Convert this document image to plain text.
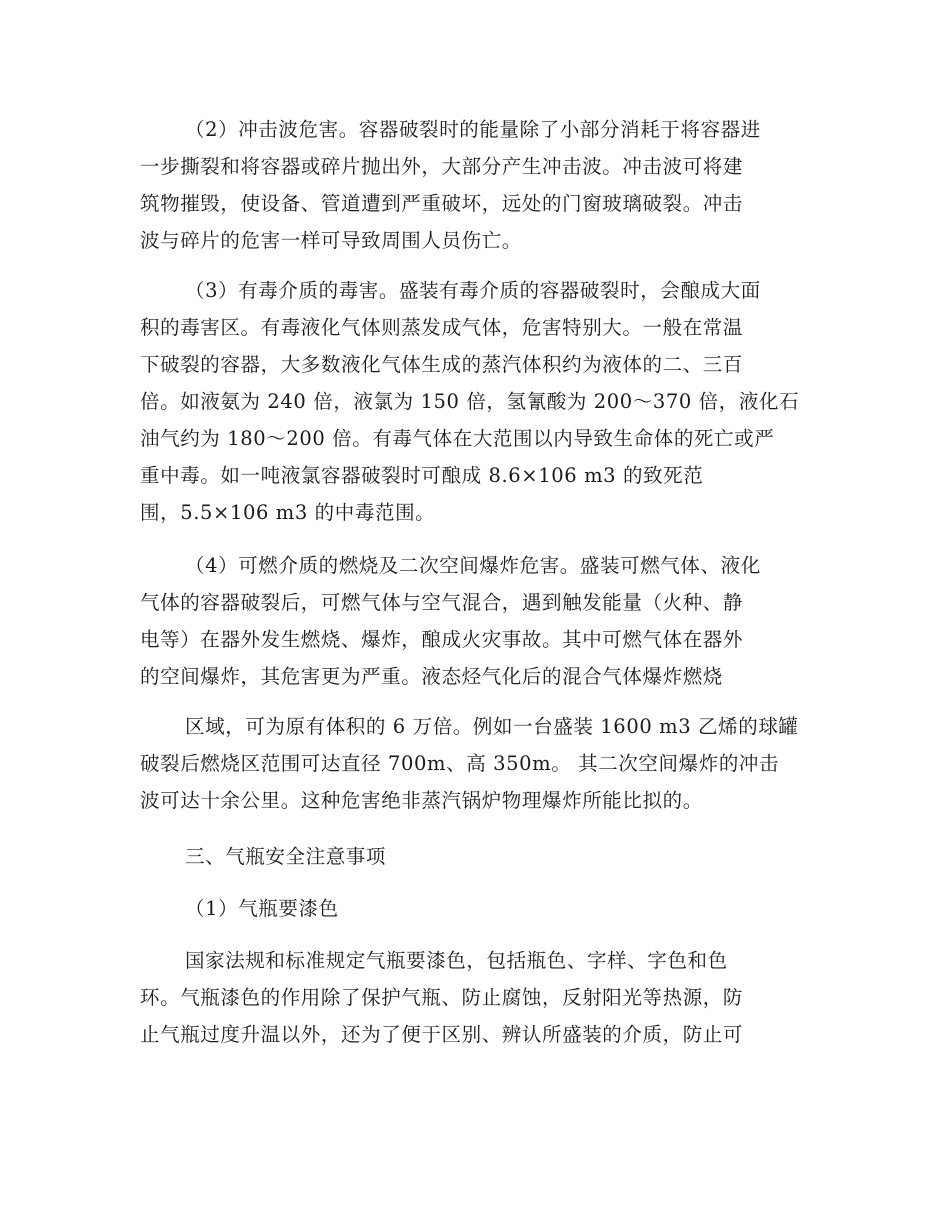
（2）冲击波危害。容器破裂时的能量除了小部分消耗于将容器进
一步撕裂和将容器或碎片抛出外，大部分产生冲击波。冲击波可将建
筑物摧毁，使设备、管道遭到严重破坏，远处的门窗玻璃破裂。冲击
波与碎片的危害一样可导致周围人员伤亡。
（3）有毒介质的毒害。盛装有毒介质的容器破裂时，会酿成大面
积的毒害区。有毒液化气体则蒸发成气体，危害特别大。一般在常温
下破裂的容器，大多数液化气体生成的蒸汽体积约为液体的二、三百
倍。如液氨为 240 倍，液氯为 150 倍，氢氰酸为 200～370 倍，液化石
油气约为 180～200 倍。有毒气体在大范围以内导致生命体的死亡或严
重中毒。如一吨液氯容器破裂时可酿成 8.6×106 m3 的致死范
围，5.5×106 m3 的中毒范围。
（4）可燃介质的燃烧及二次空间爆炸危害。盛装可燃气体、液化
气体的容器破裂后，可燃气体与空气混合，遇到触发能量（火种、静
电等）在器外发生燃烧、爆炸，酿成火灾事故。其中可燃气体在器外
的空间爆炸，其危害更为严重。液态烃气化后的混合气体爆炸燃烧
区域，可为原有体积的 6 万倍。例如一台盛装 1600 m3 乙烯的球罐
破裂后燃烧区范围可达直径 700m、高 350m。 其二次空间爆炸的冲击
波可达十余公里。这种危害绝非蒸汽锅炉物理爆炸所能比拟的。
三、气瓶安全注意事项
（1）气瓶要漆色
国家法规和标准规定气瓶要漆色，包括瓶色、字样、字色和色
环。气瓶漆色的作用除了保护气瓶、防止腐蚀，反射阳光等热源，防
止气瓶过度升温以外，还为了便于区别、辨认所盛装的介质，防止可
